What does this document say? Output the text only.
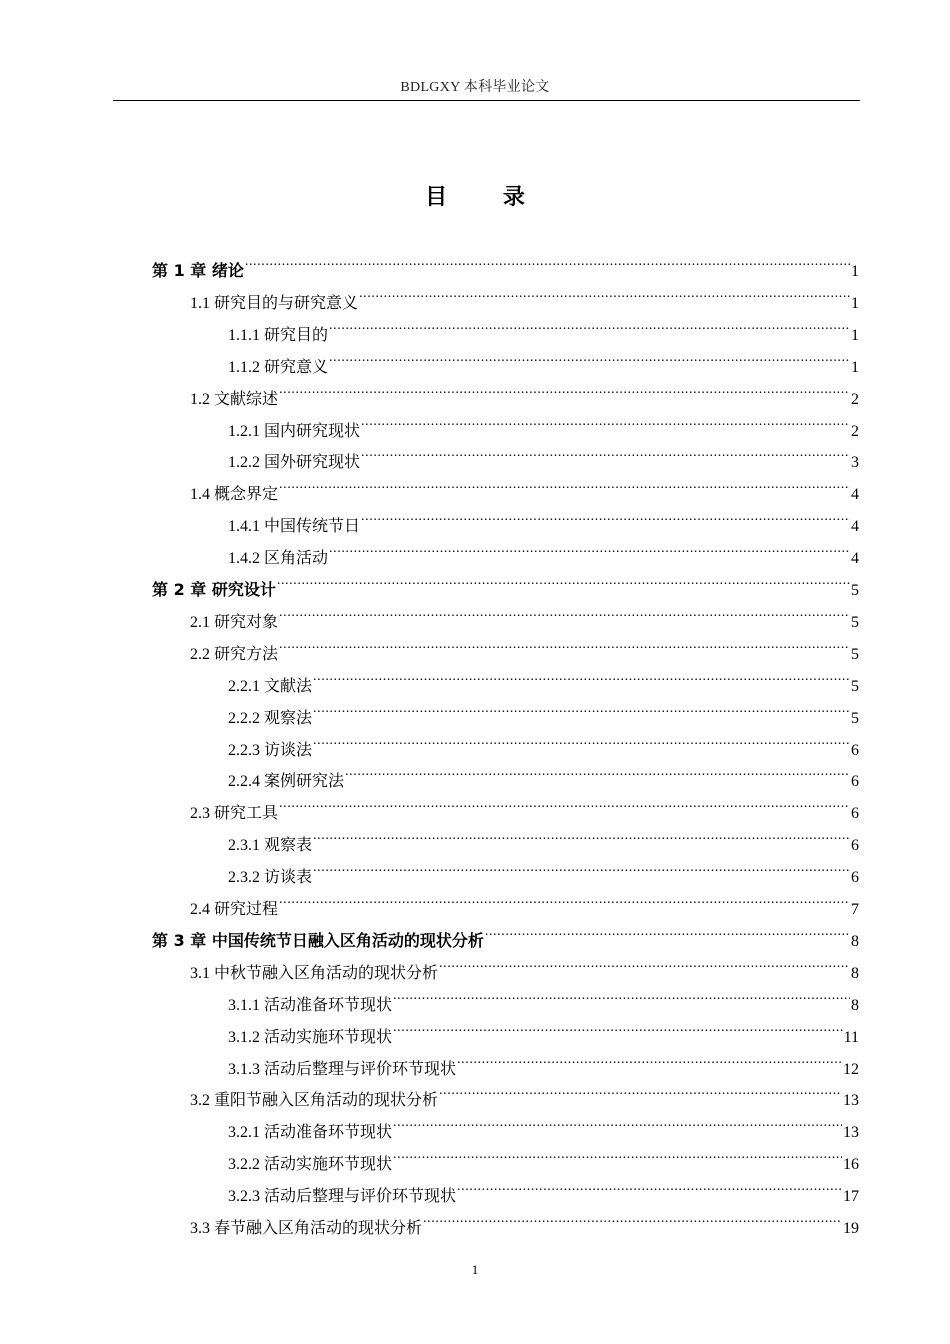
BDLGXY 本科毕业论文
目 录
第 1 章 绪论 .....	1
1.1 研究目的与研究意义 .....	1
1.1.1 研究目的 .....	1
1.1.2 研究意义 .....	1
1.2 文献综述 .....	2
1.2.1 国内研究现状 .....	2
1.2.2 国外研究现状 .....	3
1.4 概念界定 .....	4
1.4.1 中国传统节日 .....	4
1.4.2 区角活动 .....	4
第 2 章 研究设计 .....	5
2.1 研究对象 .....	5
2.2 研究方法 .....	5
2.2.1 文献法 .....	5
2.2.2 观察法 .....	5
2.2.3 访谈法 .....	6
2.2.4 案例研究法 .....	6
2.3 研究工具 .....	6
2.3.1 观察表 .....	6
2.3.2 访谈表 .....	6
2.4 研究过程 .....	7
第 3 章 中国传统节日融入区角活动的现状分析 .....	8
3.1 中秋节融入区角活动的现状分析 .....	8
3.1.1 活动准备环节现状 .....	8
3.1.2 活动实施环节现状 .....	11
3.1.3 活动后整理与评价环节现状 .....	12
3.2 重阳节融入区角活动的现状分析 .....	13
3.2.1 活动准备环节现状 .....	13
3.2.2 活动实施环节现状 .....	16
3.2.3 活动后整理与评价环节现状 .....	17
3.3 春节融入区角活动的现状分析 .....	19
1
